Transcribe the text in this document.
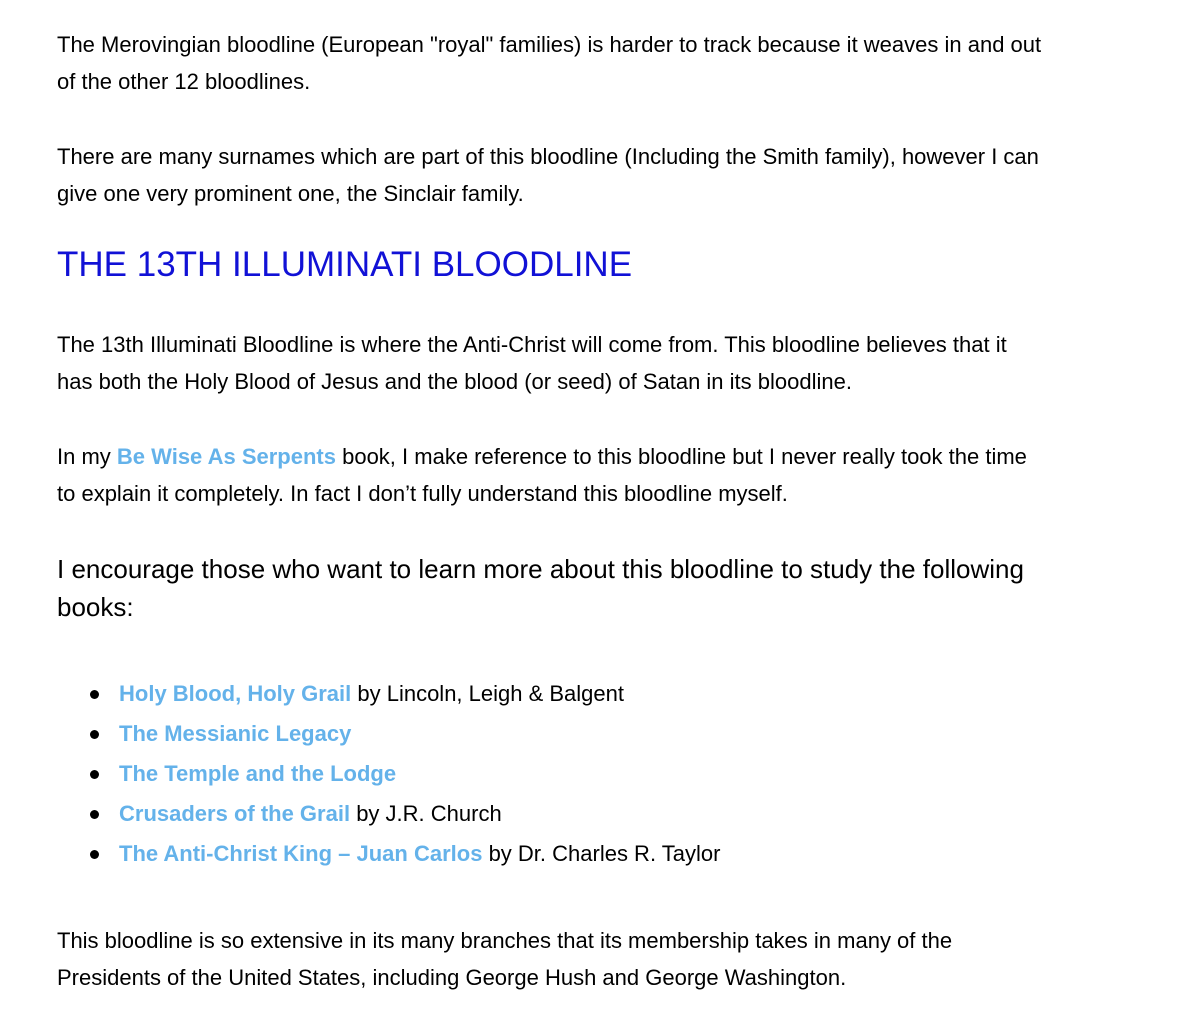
The Merovingian bloodline (European "royal" families) is harder to track because it weaves in and out
of the other 12 bloodlines.

There are many surnames which are part of this bloodline (Including the Smith family), however I can
give one very prominent one, the Sinclair family.

THE 13TH ILLUMINATI BLOODLINE

The 13th Illuminati Bloodline is where the Anti-Christ will come from. This bloodline believes that it
has both the Holy Blood of Jesus and the blood (or seed) of Satan in its bloodline.

In my Be Wise As Serpents book, I make reference to this bloodline but I never really took the time
to explain it completely. In fact I don’t fully understand this bloodline myself.

I encourage those who want to learn more about this bloodline to study the following
books:

Holy Blood, Holy Grail by Lincoln, Leigh & Balgent
The Messianic Legacy
The Temple and the Lodge
Crusaders of the Grail by J.R. Church
The Anti-Christ King – Juan Carlos by Dr. Charles R. Taylor

This bloodline is so extensive in its many branches that its membership takes in many of the
Presidents of the United States, including George Hush and George Washington.
